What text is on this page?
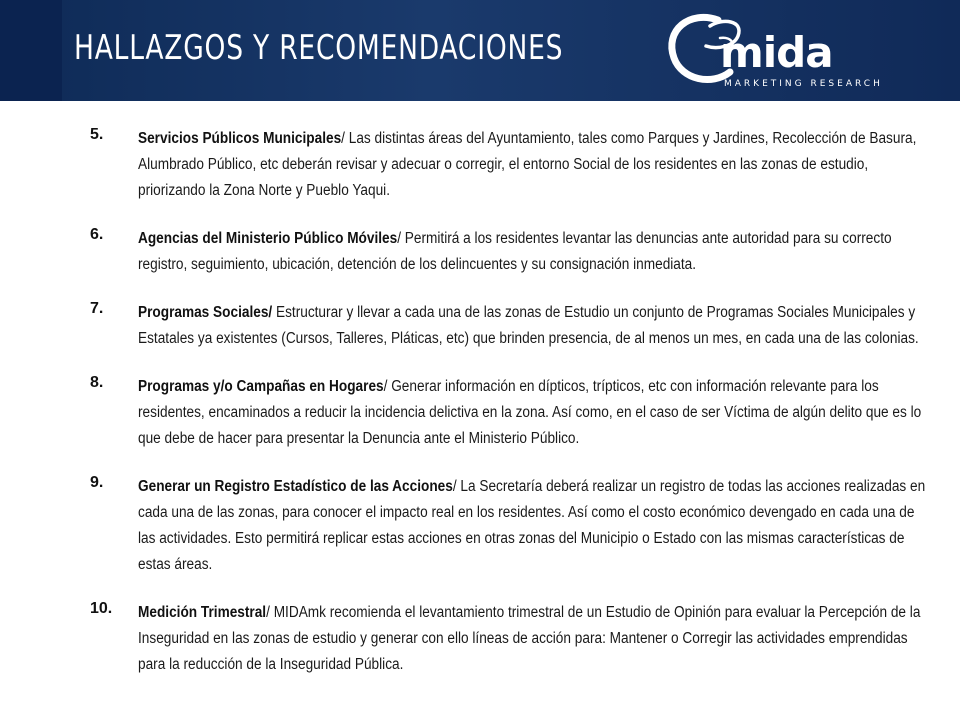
HALLAZGOS Y RECOMENDACIONES	mida
MARKETING RESEARCH
5. Servicios Públicos Municipales/ Las distintas áreas del Ayuntamiento, tales como Parques y Jardines, Recolección de Basura, Alumbrado Público, etc deberán revisar y adecuar o corregir, el entorno Social de los residentes en las zonas de estudio, priorizando la Zona Norte y Pueblo Yaqui.
6. Agencias del Ministerio Público Móviles/ Permitirá a los residentes levantar las denuncias ante autoridad para su correcto registro, seguimiento, ubicación, detención de los delincuentes y su consignación inmediata.
7. Programas Sociales/ Estructurar y llevar a cada una de las zonas de Estudio un conjunto de Programas Sociales Municipales y Estatales ya existentes (Cursos, Talleres, Pláticas, etc) que brinden presencia, de al menos un mes, en cada una de las colonias.
8. Programas y/o Campañas en Hogares/ Generar información en dípticos, trípticos, etc con información relevante para los residentes, encaminados a reducir la incidencia delictiva en la zona. Así como, en el caso de ser Víctima de algún delito que es lo que debe de hacer para presentar la Denuncia ante el Ministerio Público.
9. Generar un Registro Estadístico de las Acciones/ La Secretaría deberá realizar un registro de todas las acciones realizadas en cada una de las zonas, para conocer el impacto real en los residentes. Así como el costo económico devengado en cada una de las actividades. Esto permitirá replicar estas acciones en otras zonas del Municipio o Estado con las mismas características de estas áreas.
10. Medición Trimestral/ MIDAmk recomienda el levantamiento trimestral de un Estudio de Opinión para evaluar la Percepción de la Inseguridad en las zonas de estudio y generar con ello líneas de acción para: Mantener o Corregir las actividades emprendidas para la reducción de la Inseguridad Pública.
